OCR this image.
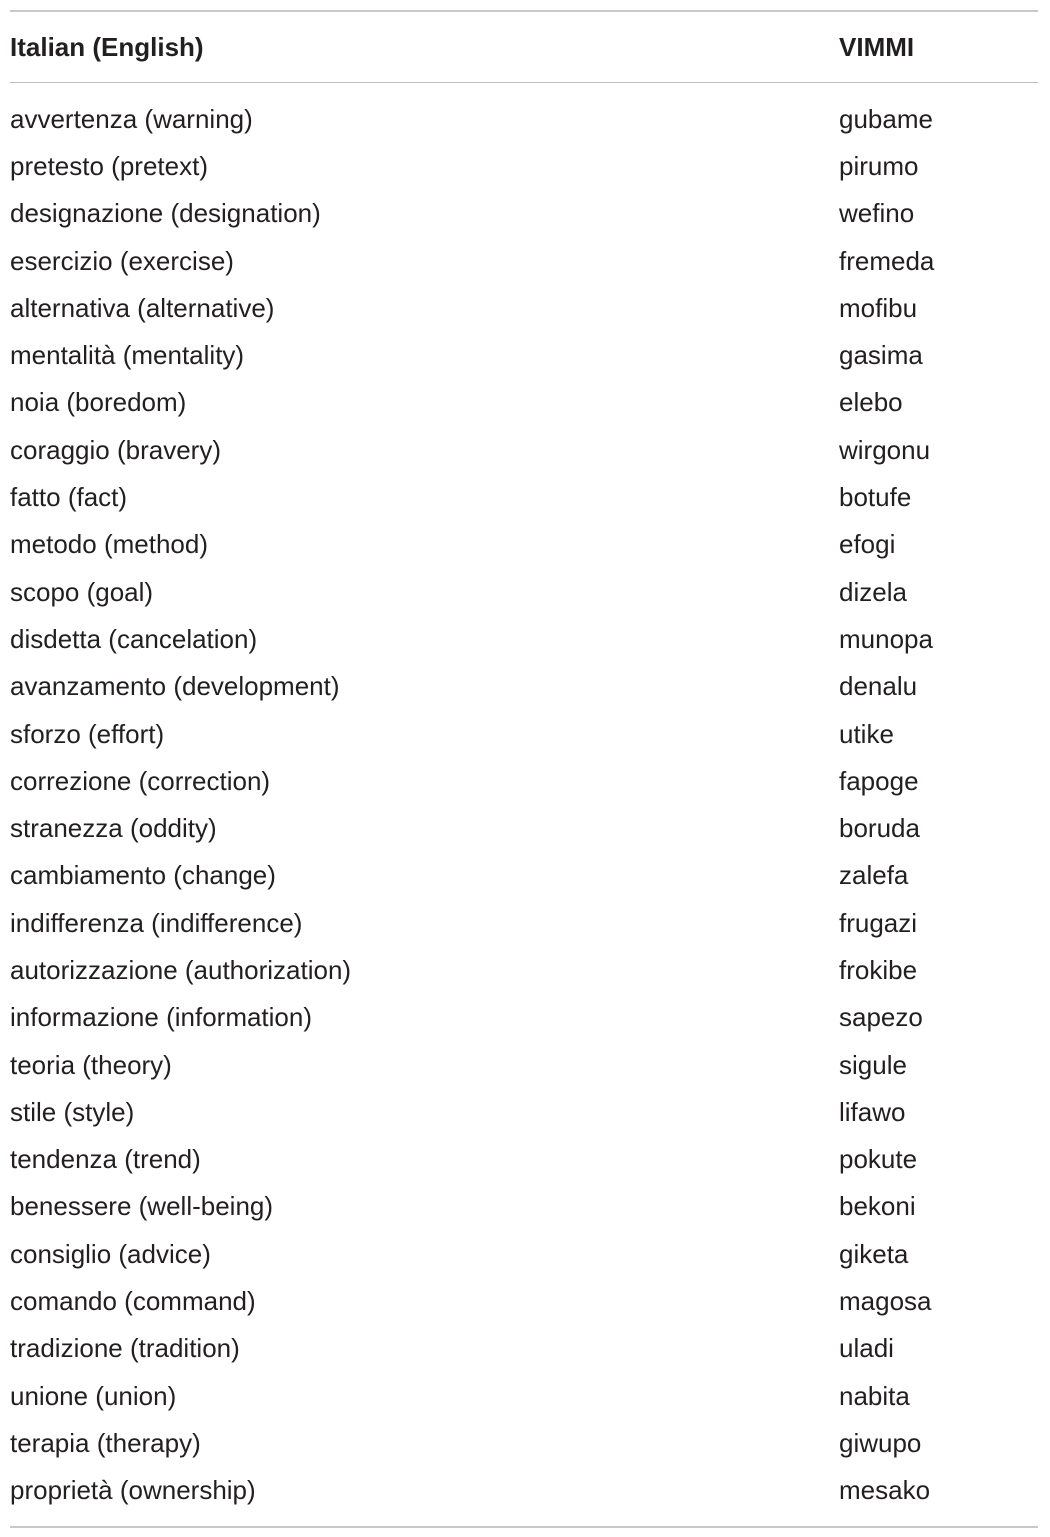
Italian (English)	VIMMI
avvertenza (warning)	gubame
pretesto (pretext)	pirumo
designazione (designation)	wefino
esercizio (exercise)	fremeda
alternativa (alternative)	mofibu
mentalità (mentality)	gasima
noia (boredom)	elebo
coraggio (bravery)	wirgonu
fatto (fact)	botufe
metodo (method)	efogi
scopo (goal)	dizela
disdetta (cancelation)	munopa
avanzamento (development)	denalu
sforzo (effort)	utike
correzione (correction)	fapoge
stranezza (oddity)	boruda
cambiamento (change)	zalefa
indifferenza (indifference)	frugazi
autorizzazione (authorization)	frokibe
informazione (information)	sapezo
teoria (theory)	sigule
stile (style)	lifawo
tendenza (trend)	pokute
benessere (well-being)	bekoni
consiglio (advice)	giketa
comando (command)	magosa
tradizione (tradition)	uladi
unione (union)	nabita
terapia (therapy)	giwupo
proprietà (ownership)	mesako
